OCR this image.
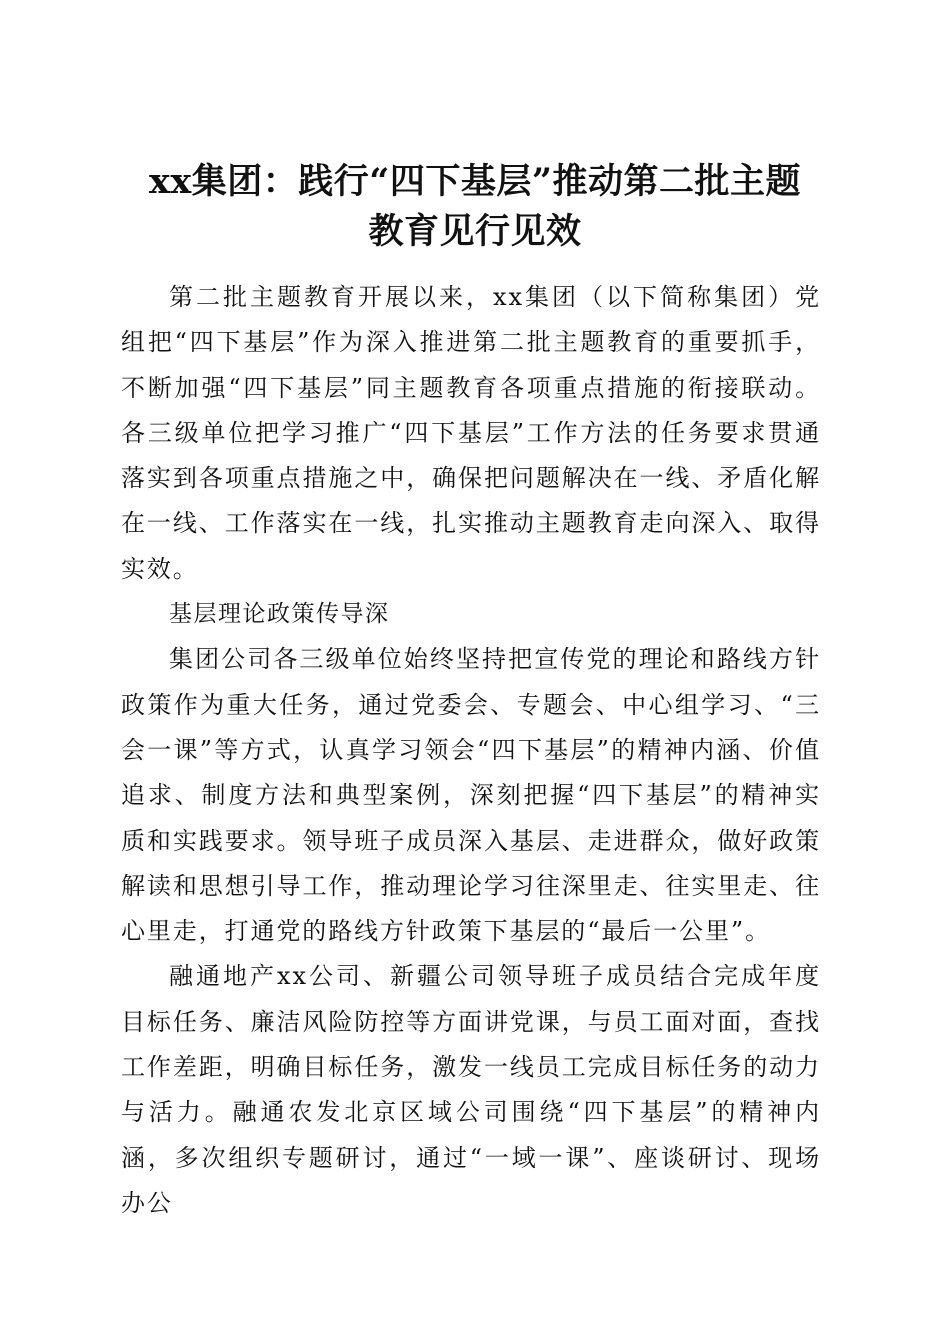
xx集团：践行“四下基层”推动第二批主题
教育见行见效

第二批主题教育开展以来，xx集团（以下简称集团）党组把“四下基层”作为深入推进第二批主题教育的重要抓手，不断加强“四下基层”同主题教育各项重点措施的衔接联动。各三级单位把学习推广“四下基层”工作方法的任务要求贯通落实到各项重点措施之中，确保把问题解决在一线、矛盾化解在一线、工作落实在一线，扎实推动主题教育走向深入、取得实效。

基层理论政策传导深

集团公司各三级单位始终坚持把宣传党的理论和路线方针政策作为重大任务，通过党委会、专题会、中心组学习、“三会一课”等方式，认真学习领会“四下基层”的精神内涵、价值追求、制度方法和典型案例，深刻把握“四下基层”的精神实质和实践要求。领导班子成员深入基层、走进群众，做好政策解读和思想引导工作，推动理论学习往深里走、往实里走、往心里走，打通党的路线方针政策下基层的“最后一公里”。

融通地产xx公司、新疆公司领导班子成员结合完成年度目标任务、廉洁风险防控等方面讲党课，与员工面对面，查找工作差距，明确目标任务，激发一线员工完成目标任务的动力与活力。融通农发北京区域公司围绕“四下基层”的精神内涵，多次组织专题研讨，通过“一域一课”、座谈研讨、现场办公
